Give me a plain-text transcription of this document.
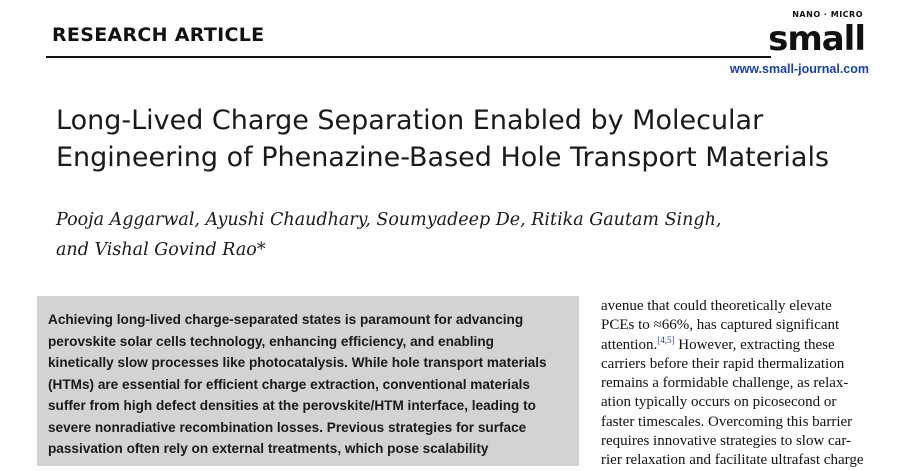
RESEARCH ARTICLE
NANO · MICRO
small
www.small-journal.com
Long-Lived Charge Separation Enabled by Molecular
Engineering of Phenazine-Based Hole Transport Materials
Pooja Aggarwal, Ayushi Chaudhary, Soumyadeep De, Ritika Gautam Singh,
and Vishal Govind Rao*
Achieving long-lived charge-separated states is paramount for advancing
perovskite solar cells technology, enhancing efficiency, and enabling
kinetically slow processes like photocatalysis. While hole transport materials
(HTMs) are essential for efficient charge extraction, conventional materials
suffer from high defect densities at the perovskite/HTM interface, leading to
severe nonradiative recombination losses. Previous strategies for surface
passivation often rely on external treatments, which pose scalability
avenue that could theoretically elevate
PCEs to ≈66%, has captured significant
attention.[4,5] However, extracting these
carriers before their rapid thermalization
remains a formidable challenge, as relax-
ation typically occurs on picosecond or
faster timescales. Overcoming this barrier
requires innovative strategies to slow car-
rier relaxation and facilitate ultrafast charge
